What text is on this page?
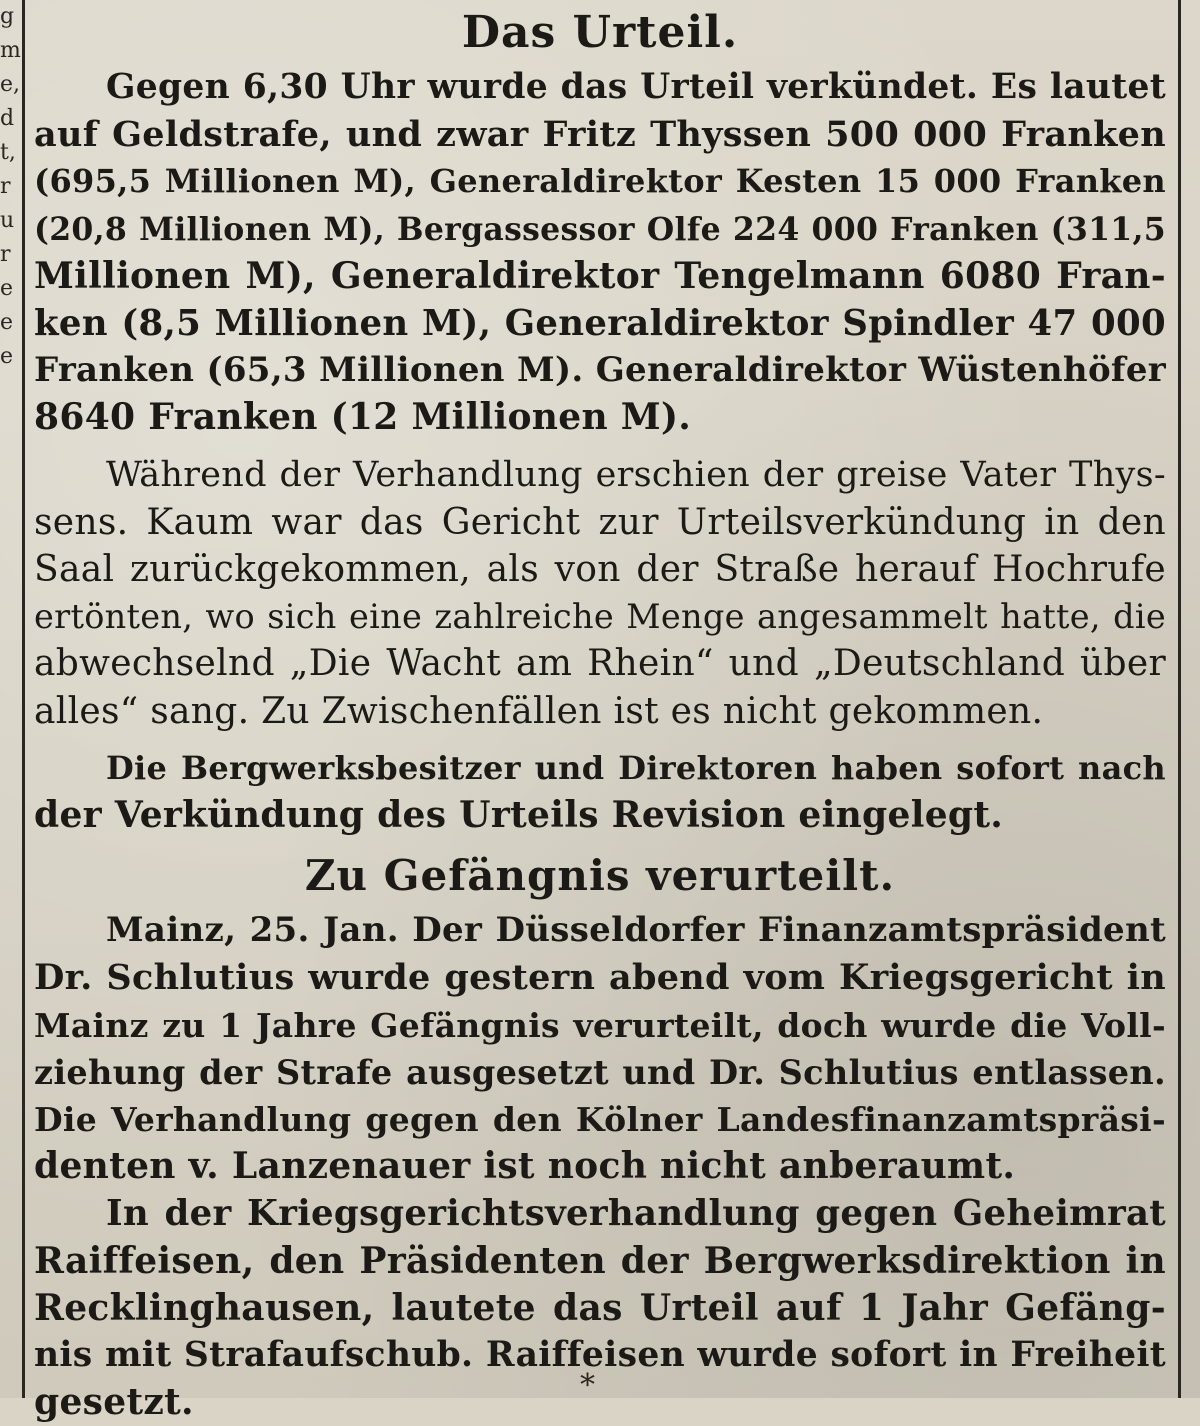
g
m
e,
d
t,
r
u
r
e
e
e
Das Urteil.

Gegen 6,30 Uhr wurde das Urteil verkündet. Es lautet
auf Geldstrafe, und zwar Fritz Thyssen 500 000 Franken
(695,5 Millionen M), Generaldirektor Kesten 15 000 Franken
(20,8 Millionen M), Bergassessor Olfe 224 000 Franken (311,5
Millionen M), Generaldirektor Tengelmann 6080 Fran-
ken (8,5 Millionen M), Generaldirektor Spindler 47 000
Franken (65,3 Millionen M). Generaldirektor Wüstenhöfer
8640 Franken (12 Millionen M).

Während der Verhandlung erschien der greise Vater Thys-
sens. Kaum war das Gericht zur Urteilsverkündung in den
Saal zurückgekommen, als von der Straße herauf Hochrufe
ertönten, wo sich eine zahlreiche Menge angesammelt hatte, die
abwechselnd „Die Wacht am Rhein“ und „Deutschland über
alles“ sang. Zu Zwischenfällen ist es nicht gekommen.

Die Bergwerksbesitzer und Direktoren haben sofort nach
der Verkündung des Urteils Revision eingelegt.

Zu Gefängnis verurteilt.

Mainz, 25. Jan. Der Düsseldorfer Finanzamtspräsident
Dr. Schlutius wurde gestern abend vom Kriegsgericht in
Mainz zu 1 Jahre Gefängnis verurteilt, doch wurde die Voll-
ziehung der Strafe ausgesetzt und Dr. Schlutius entlassen.
Die Verhandlung gegen den Kölner Landesfinanzamtspräsi-
denten v. Lanzenauer ist noch nicht anberaumt.

In der Kriegsgerichtsverhandlung gegen Geheimrat
Raiffeisen, den Präsidenten der Bergwerksdirektion in
Recklinghausen, lautete das Urteil auf 1 Jahr Gefäng-
nis mit Strafaufschub. Raiffeisen wurde sofort in Freiheit
gesetzt.	*
